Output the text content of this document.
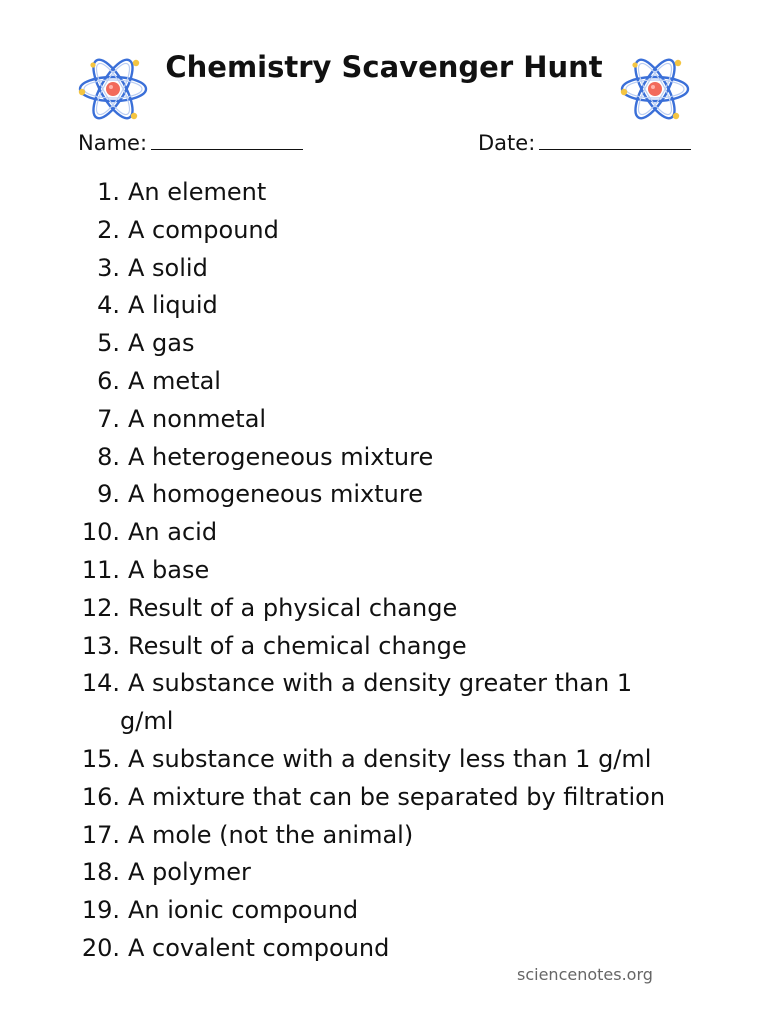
Chemistry Scavenger Hunt
Name:	Date:
1. An element
2. A compound
3. A solid
4. A liquid
5. A gas
6. A metal
7. A nonmetal
8. A heterogeneous mixture
9. A homogeneous mixture
10. An acid
11. A base
12. Result of a physical change
13. Result of a chemical change
14. A substance with a density greater than 1
g/ml
15. A substance with a density less than 1 g/ml
16. A mixture that can be separated by filtration
17. A mole (not the animal)
18. A polymer
19. An ionic compound
20. A covalent compound
sciencenotes.org
